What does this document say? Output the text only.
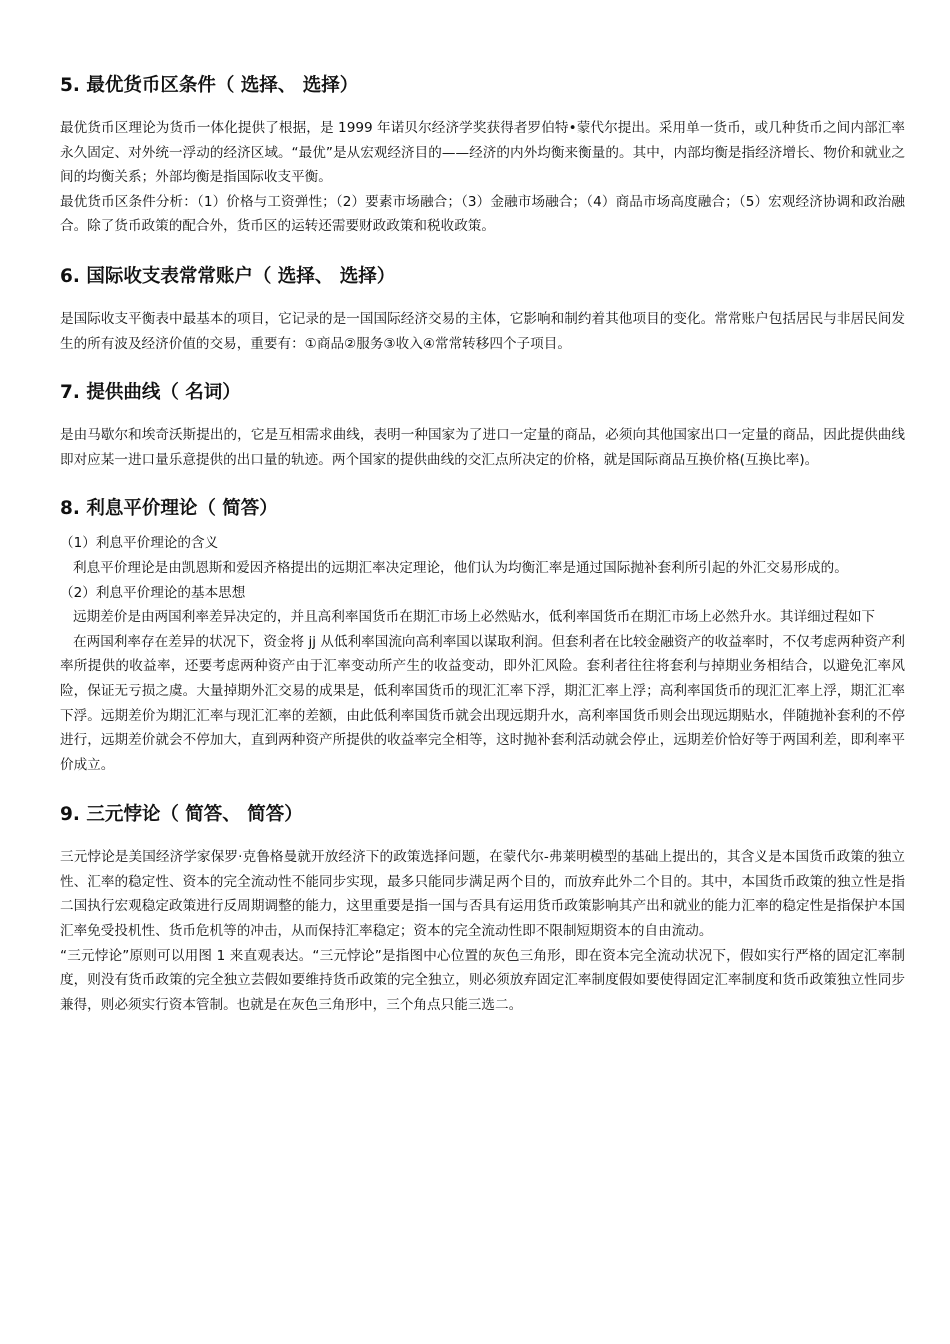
5. 最优货币区条件（ 选择、 选择）

最优货币区理论为货币一体化提供了根据，是 1999 年诺贝尔经济学奖获得者罗伯特•蒙代尔提出。采用单一货币，或几种货币之间内部汇率永久固定、对外统一浮动的经济区域。“最优”是从宏观经济目的——经济的内外均衡来衡量的。其中，内部均衡是指经济增长、物价和就业之间的均衡关系；外部均衡是指国际收支平衡。

最优货币区条件分析：（1）价格与工资弹性；（2）要素市场融合；（3）金融市场融合；（4）商品市场高度融合；（5）宏观经济协调和政治融合。除了货币政策的配合外，货币区的运转还需要财政政策和税收政策。

6. 国际收支表常常账户（ 选择、 选择）

是国际收支平衡表中最基本的项目，它记录的是一国国际经济交易的主体，它影响和制约着其他项目的变化。常常账户包括居民与非居民间发生的所有波及经济价值的交易，重要有：①商品②服务③收入④常常转移四个子项目。

7. 提供曲线（ 名词）

是由马歇尔和埃奇沃斯提出的，它是互相需求曲线，表明一种国家为了进口一定量的商品，必须向其他国家出口一定量的商品，因此提供曲线即对应某一进口量乐意提供的出口量的轨迹。两个国家的提供曲线的交汇点所决定的价格，就是国际商品互换价格(互换比率)。

8. 利息平价理论（ 简答）

（1）利息平价理论的含义

利息平价理论是由凯恩斯和爱因齐格提出的远期汇率决定理论，他们认为均衡汇率是通过国际抛补套利所引起的外汇交易形成的。

（2）利息平价理论的基本思想

远期差价是由两国利率差异决定的，并且高利率国货币在期汇市场上必然贴水，低利率国货币在期汇市场上必然升水。其详细过程如下

在两国利率存在差异的状况下，资金将 jj 从低利率国流向高利率国以谋取利润。但套利者在比较金融资产的收益率时，不仅考虑两种资产利率所提供的收益率，还要考虑两种资产由于汇率变动所产生的收益变动，即外汇风险。套利者往往将套利与掉期业务相结合，以避免汇率风险，保证无亏损之虞。大量掉期外汇交易的成果是，低利率国货币的现汇汇率下浮，期汇汇率上浮；高利率国货币的现汇汇率上浮，期汇汇率下浮。远期差价为期汇汇率与现汇汇率的差额，由此低利率国货币就会出现远期升水，高利率国货币则会出现远期贴水，伴随抛补套利的不停进行，远期差价就会不停加大，直到两种资产所提供的收益率完全相等，这时抛补套利活动就会停止，远期差价恰好等于两国利差，即利率平价成立。

9. 三元悖论（ 简答、 简答）

三元悖论是美国经济学家保罗·克鲁格曼就开放经济下的政策选择问题，在蒙代尔-弗莱明模型的基础上提出的，其含义是本国货币政策的独立性、汇率的稳定性、资本的完全流动性不能同步实现，最多只能同步满足两个目的，而放弃此外二个目的。其中，本国货币政策的独立性是指二国执行宏观稳定政策进行反周期调整的能力，这里重要是指一国与否具有运用货币政策影响其产出和就业的能力汇率的稳定性是指保护本国汇率免受投机性、货币危机等的冲击，从而保持汇率稳定；资本的完全流动性即不限制短期资本的自由流动。

“三元悖论”原则可以用图 1 来直观表达。“三元悖论”是指图中心位置的灰色三角形，即在资本完全流动状况下，假如实行严格的固定汇率制度，则没有货币政策的完全独立芸假如要维持货币政策的完全独立，则必须放弃固定汇率制度假如要使得固定汇率制度和货币政策独立性同步兼得，则必须实行资本管制。也就是在灰色三角形中，三个角点只能三选二。
